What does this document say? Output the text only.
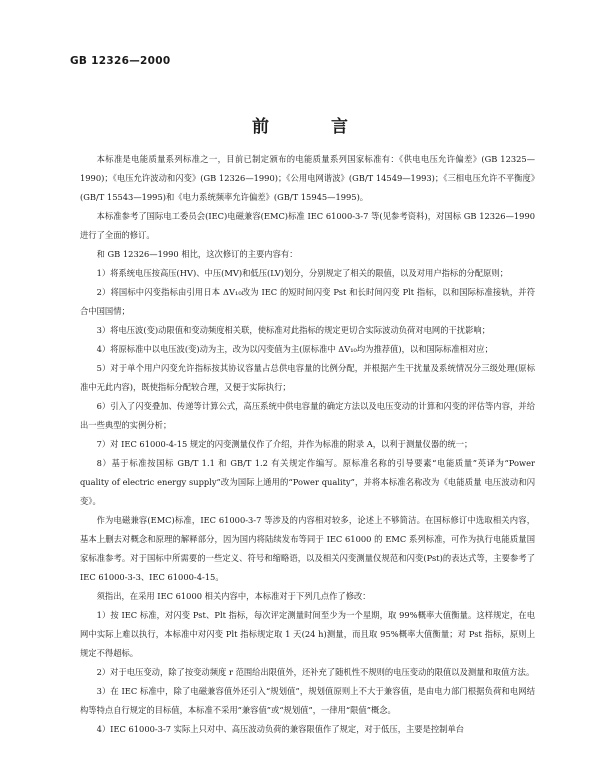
GB 12326—2000
前 言

本标准是电能质量系列标准之一，目前已制定颁布的电能质量系列国家标准有：《供电电压允许偏差》(GB 12325—1990)；《电压允许波动和闪变》(GB 12326—1990)；《公用电网谐波》(GB/T 14549—1993)；《三相电压允许不平衡度》(GB/T 15543—1995)和《电力系统频率允许偏差》(GB/T 15945—1995)。

本标准参考了国际电工委员会(IEC)电磁兼容(EMC)标准 IEC 61000-3-7 等(见参考资料)，对国标 GB 12326—1990 进行了全面的修订。

和 GB 12326—1990 相比，这次修订的主要内容有：

1）将系统电压按高压(HV)、中压(MV)和低压(LV)划分，分别规定了相关的限值，以及对用户指标的分配原则；

2）将国标中闪变指标由引用日本 ΔV₁₀改为 IEC 的短时间闪变 Pst 和长时间闪变 Plt 指标，以和国际标准接轨，并符合中国国情；

3）将电压波(变)动限值和变动频度相关联，使标准对此指标的规定更切合实际波动负荷对电网的干扰影响；

4）将原标准中以电压波(变)动为主，改为以闪变值为主(原标准中 ΔV₁₀均为推荐值)，以和国际标准相对应；

5）对于单个用户闪变允许指标按其协议容量占总供电容量的比例分配，并根据产生干扰量及系统情况分三级处理(原标准中无此内容)，既使指标分配较合理，又便于实际执行；

6）引入了闪变叠加、传递等计算公式，高压系统中供电容量的确定方法以及电压变动的计算和闪变的评估等内容，并给出一些典型的实例分析；

7）对 IEC 61000-4-15 规定的闪变测量仪作了介绍，并作为标准的附录 A，以利于测量仪器的统一；

8）基于标准按国标 GB/T 1.1 和 GB/T 1.2 有关规定作编写。原标准名称的引导要素“电能质量”英译为“Power quality of electric energy supply”改为国际上通用的“Power quality”，并将本标准名称改为《电能质量 电压波动和闪变》。

作为电磁兼容(EMC)标准，IEC 61000-3-7 等涉及的内容相对较多，论述上不够简洁。在国标修订中选取相关内容，基本上删去对概念和原理的解释部分，因为国内将陆续发布等同于 IEC 61000 的 EMC 系列标准，可作为执行电能质量国家标准参考。对于国标中所需要的一些定义、符号和缩略语，以及相关闪变测量仪规范和闪变(Pst)的表达式等，主要参考了 IEC 61000-3-3、IEC 61000-4-15。

须指出，在采用 IEC 61000 相关内容中，本标准对于下列几点作了修改：

1）按 IEC 标准，对闪变 Pst、Plt 指标，每次评定测量时间至少为一个星期，取 99%概率大值衡量。这样规定，在电网中实际上难以执行，本标准中对闪变 Plt 指标规定取 1 天(24 h)测量，而且取 95%概率大值衡量；对 Pst 指标，原则上规定不得超标。

2）对于电压变动，除了按变动频度 r 范围给出限值外，还补充了随机性不规则的电压变动的限值以及测量和取值方法。

3）在 IEC 标准中，除了电磁兼容值外还引入“规划值”，规划值原则上不大于兼容值，是由电力部门根据负荷和电网结构等特点自行规定的目标值，本标准不采用“兼容值”或“规划值”，一律用“限值”概念。

4）IEC 61000-3-7 实际上只对中、高压波动负荷的兼容限值作了规定，对于低压，主要是控制单台
